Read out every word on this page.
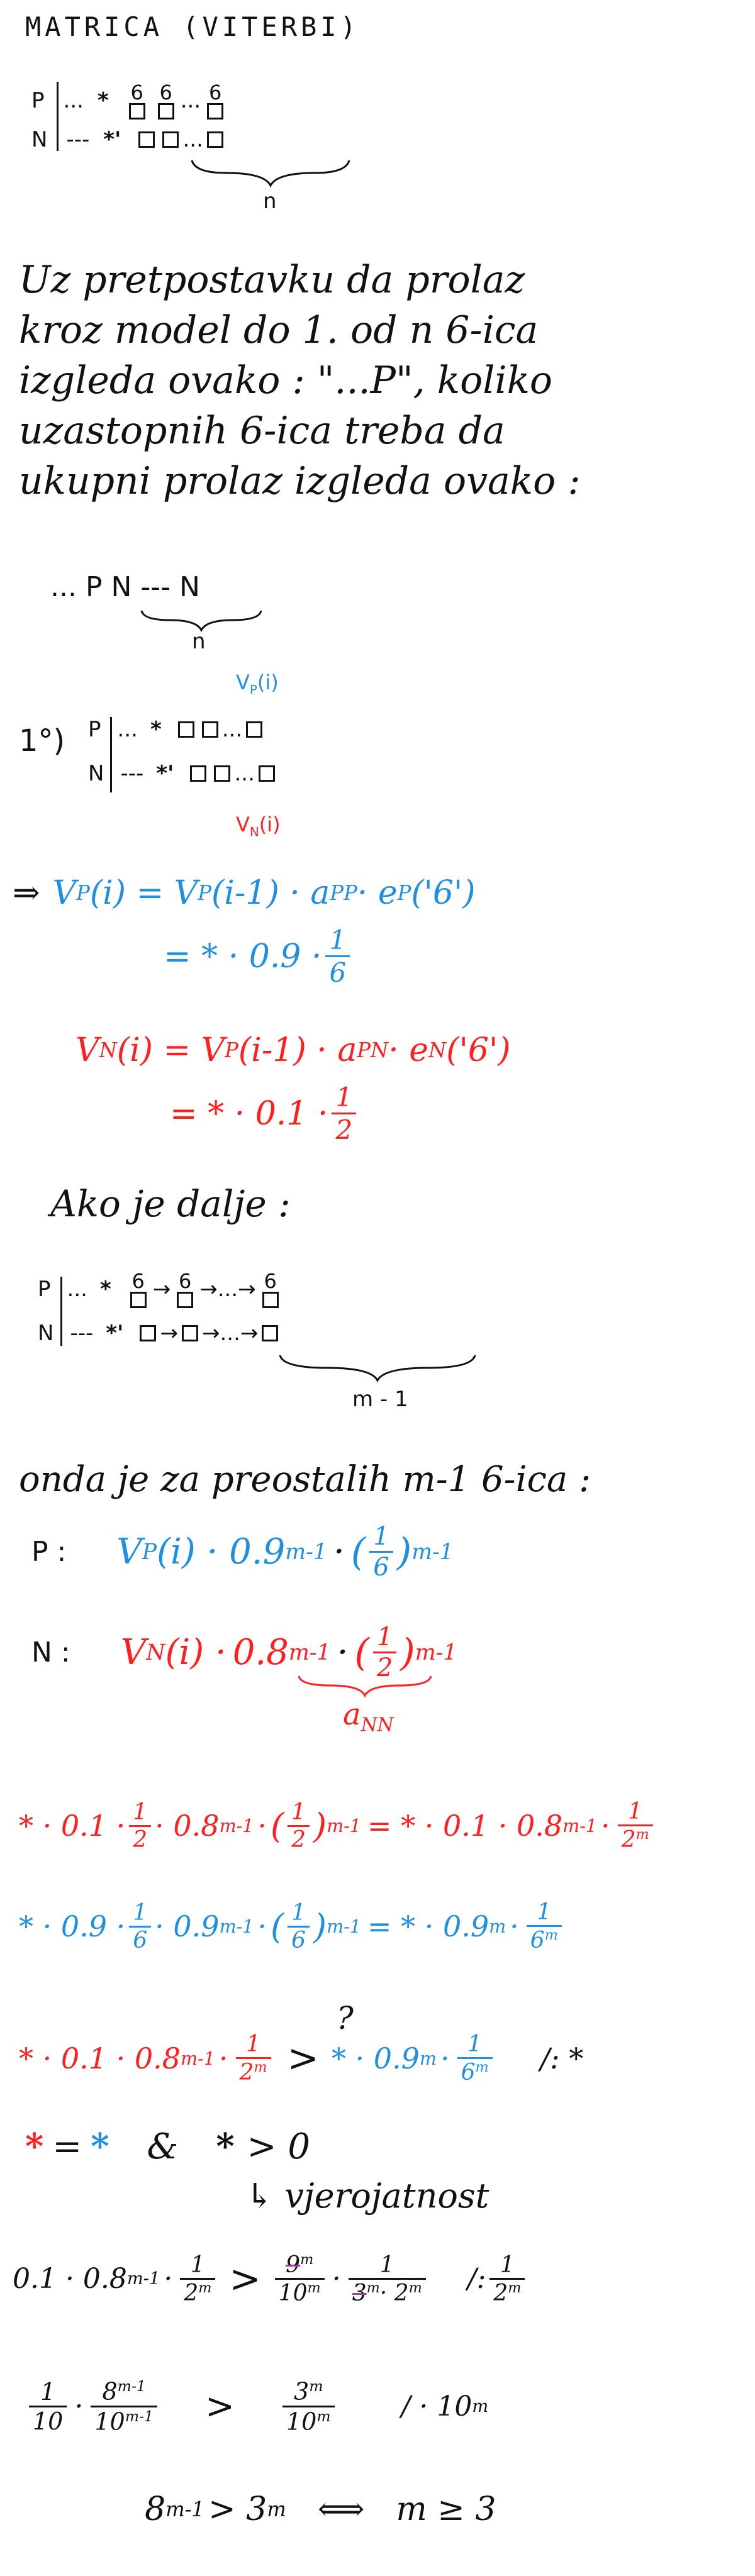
MATRICA (VITERBI)
P ... * 6 6 ... 6
N --- *'	...
n
Uz pretpostavku da prolaz
kroz model do 1. od n 6-ica
izgleda ovako : "...P", koliko
uzastopnih 6-ica treba da
ukupni prolaz izgleda ovako :
... P N --- N
n
$V_P(i)$
1°) P ... *	...
N --- *'	...
$V_N(i)$
⇒ V P (i) = V P (i-1) · a PP · e P ('6')
= * · $0.9 \cdot \frac{1}{6}$
V N (i) = V P (i-1) · a PN · e N ('6')
= * · $0.1 \cdot \frac{1}{2}$
Ako je dalje :
P ... * 6 → 6 → ... → 6
N --- *' → → ... →
m - 1
onda je za preostalih m-1 6-ica :
P : V P (i) · 0.9 m-1 · ( $\frac{1}{6}$ ) m-1
N : V N (i) · 0.8 m-1 · ( $\frac{1}{2}$ ) m-1
$a_{NN}$
* · $0.1 \cdot \frac{1}{2} \cdot 0.8$ m-1 · ( $\frac{1}{2}$ ) m-1 = * · 0.1 · 0.8 $m-1 \cdot \frac{1}{2^m}$
* · $0.9 \cdot \frac{1}{6} \cdot 0.9$ m-1 · ( $\frac{1}{6}$ ) m-1 = * · 0.9 $m \cdot \frac{1}{6^m}$
?
* · 0.1 · 0.8 $m-1 \cdot \frac{1}{2^m}$ > * · 0.9 $m \cdot \frac{1}{6^m}$ /: *
* = * & * > 0
↳ vjerojatnost
0.1 · 0.8 $m-1 \cdot \frac{1}{2^m} > \frac{9^m}{10^m} \cdot \frac{1}{3^m\cdot 2^m}$ /: $\frac{1}{2^m}$
$\frac{1}{10} \cdot \frac{8^{m-1}}{10^{m-1}} > \frac{3^m}{10^m}$ / · 10 m
8 m-1 > 3 m ⟺ m ≥ 3
